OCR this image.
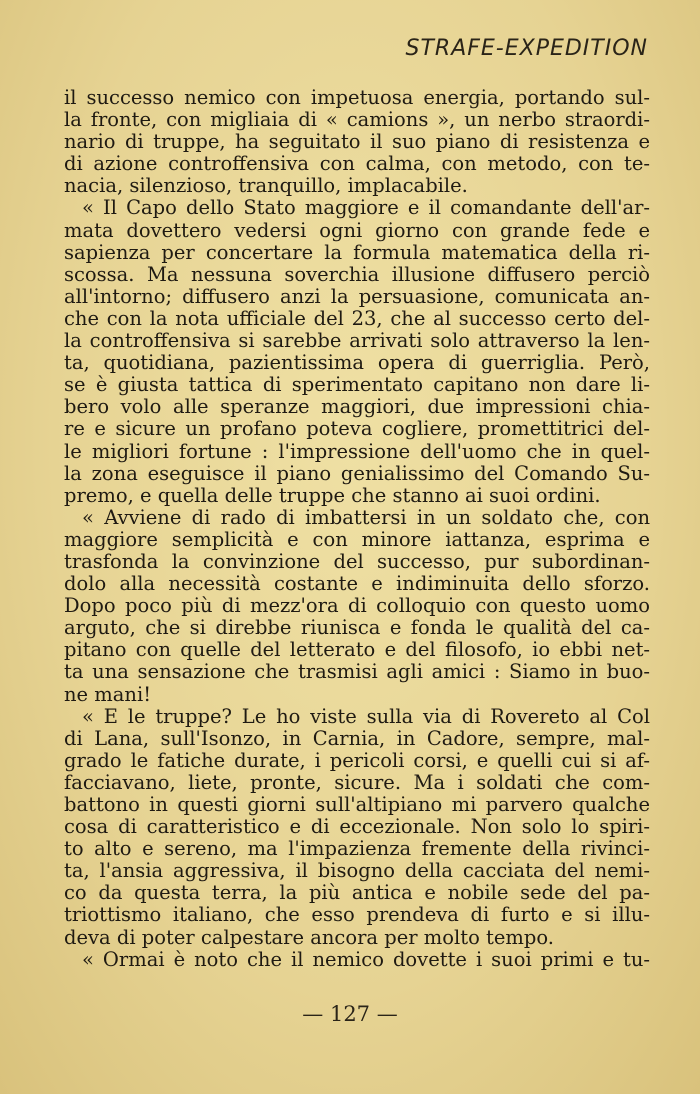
STRAFE-EXPEDITION
il successo nemico con impetuosa energia, portando sul-
la fronte, con migliaia di « camions », un nerbo straordi-
nario di truppe, ha seguitato il suo piano di resistenza e
di azione controffensiva con calma, con metodo, con te-
nacia, silenzioso, tranquillo, implacabile.
« Il Capo dello Stato maggiore e il comandante dell'ar-
mata dovettero vedersi ogni giorno con grande fede e
sapienza per concertare la formula matematica della ri-
scossa. Ma nessuna soverchia illusione diffusero perciò
all'intorno; diffusero anzi la persuasione, comunicata an-
che con la nota ufficiale del 23, che al successo certo del-
la controffensiva si sarebbe arrivati solo attraverso la len-
ta, quotidiana, pazientissima opera di guerriglia. Però,
se è giusta tattica di sperimentato capitano non dare li-
bero volo alle speranze maggiori, due impressioni chia-
re e sicure un profano poteva cogliere, promettitrici del-
le migliori fortune : l'impressione dell'uomo che in quel-
la zona eseguisce il piano genialissimo del Comando Su-
premo, e quella delle truppe che stanno ai suoi ordini.
« Avviene di rado di imbattersi in un soldato che, con
maggiore semplicità e con minore iattanza, esprima e
trasfonda la convinzione del successo, pur subordinan-
dolo alla necessità costante e indiminuita dello sforzo.
Dopo poco più di mezz'ora di colloquio con questo uomo
arguto, che si direbbe riunisca e fonda le qualità del ca-
pitano con quelle del letterato e del filosofo, io ebbi net-
ta una sensazione che trasmisi agli amici : Siamo in buo-
ne mani!
« E le truppe? Le ho viste sulla via di Rovereto al Col
di Lana, sull'Isonzo, in Carnia, in Cadore, sempre, mal-
grado le fatiche durate, i pericoli corsi, e quelli cui si af-
facciavano, liete, pronte, sicure. Ma i soldati che com-
battono in questi giorni sull'altipiano mi parvero qualche
cosa di caratteristico e di eccezionale. Non solo lo spiri-
to alto e sereno, ma l'impazienza fremente della rivinci-
ta, l'ansia aggressiva, il bisogno della cacciata del nemi-
co da questa terra, la più antica e nobile sede del pa-
triottismo italiano, che esso prendeva di furto e si illu-
deva di poter calpestare ancora per molto tempo.
« Ormai è noto che il nemico dovette i suoi primi e tu-
— 127 —
